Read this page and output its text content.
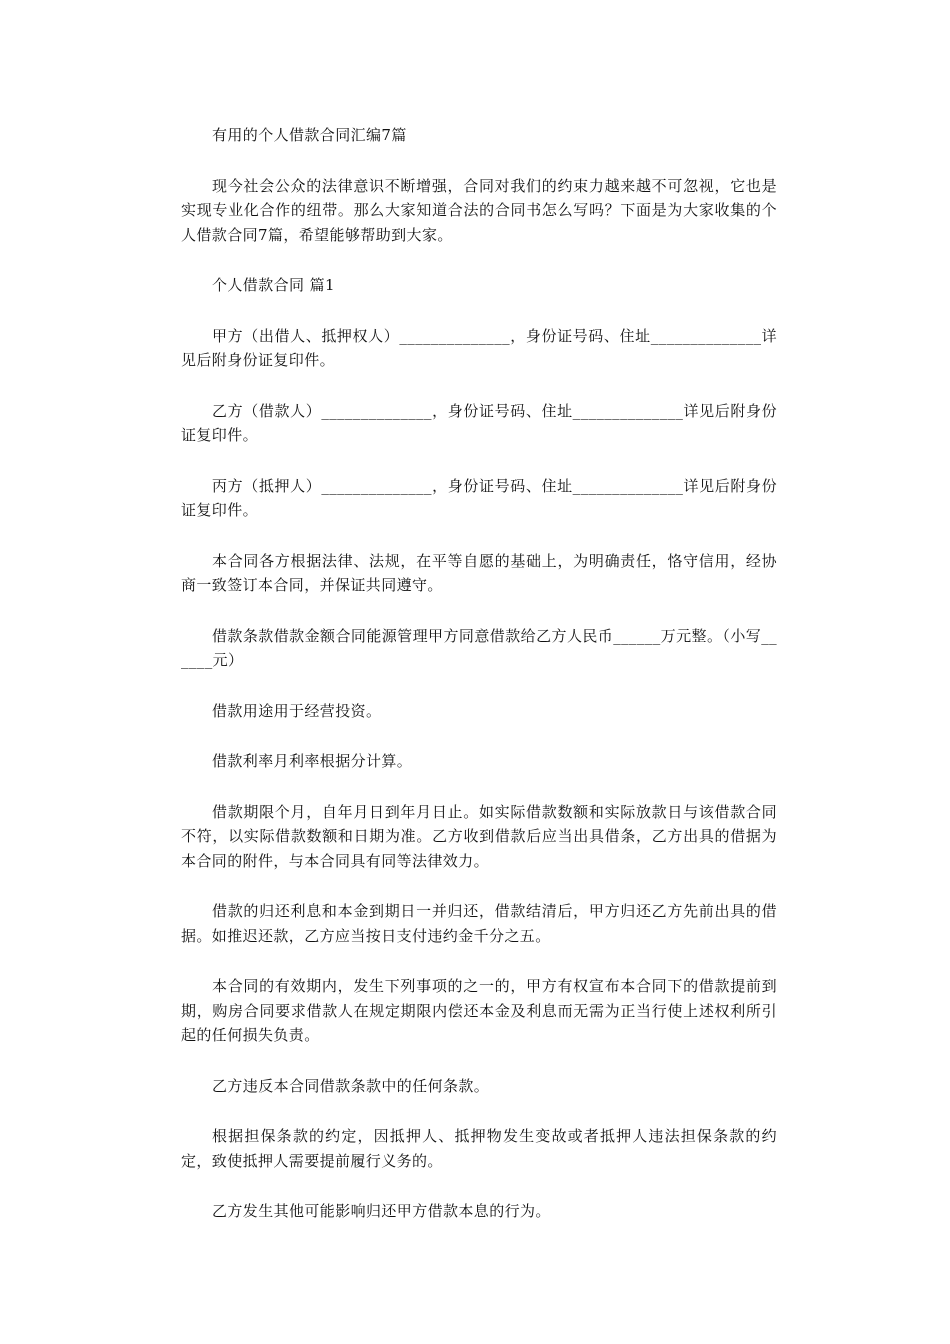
有用的个人借款合同汇编7篇

现今社会公众的法律意识不断增强，合同对我们的约束力越来越不可忽视，它也是实现专业化合作的纽带。那么大家知道合法的合同书怎么写吗？下面是为大家收集的个人借款合同7篇，希望能够帮助到大家。

个人借款合同 篇1

甲方（出借人、抵押权人）______________，身份证号码、住址______________详见后附身份证复印件。

乙方（借款人）______________，身份证号码、住址______________详见后附身份证复印件。

丙方（抵押人）______________，身份证号码、住址______________详见后附身份证复印件。

本合同各方根据法律、法规，在平等自愿的基础上，为明确责任，恪守信用，经协商一致签订本合同，并保证共同遵守。

借款条款借款金额合同能源管理甲方同意借款给乙方人民币______万元整。（小写______元）

借款用途用于经营投资。

借款利率月利率根据分计算。

借款期限个月，自年月日到年月日止。如实际借款数额和实际放款日与该借款合同不符，以实际借款数额和日期为准。乙方收到借款后应当出具借条，乙方出具的借据为本合同的附件，与本合同具有同等法律效力。

借款的归还利息和本金到期日一并归还，借款结清后，甲方归还乙方先前出具的借据。如推迟还款，乙方应当按日支付违约金千分之五。

本合同的有效期内，发生下列事项的之一的，甲方有权宣布本合同下的借款提前到期，购房合同要求借款人在规定期限内偿还本金及利息而无需为正当行使上述权利所引起的任何损失负责。

乙方违反本合同借款条款中的任何条款。

根据担保条款的约定，因抵押人、抵押物发生变故或者抵押人违法担保条款的约定，致使抵押人需要提前履行义务的。

乙方发生其他可能影响归还甲方借款本息的行为。
